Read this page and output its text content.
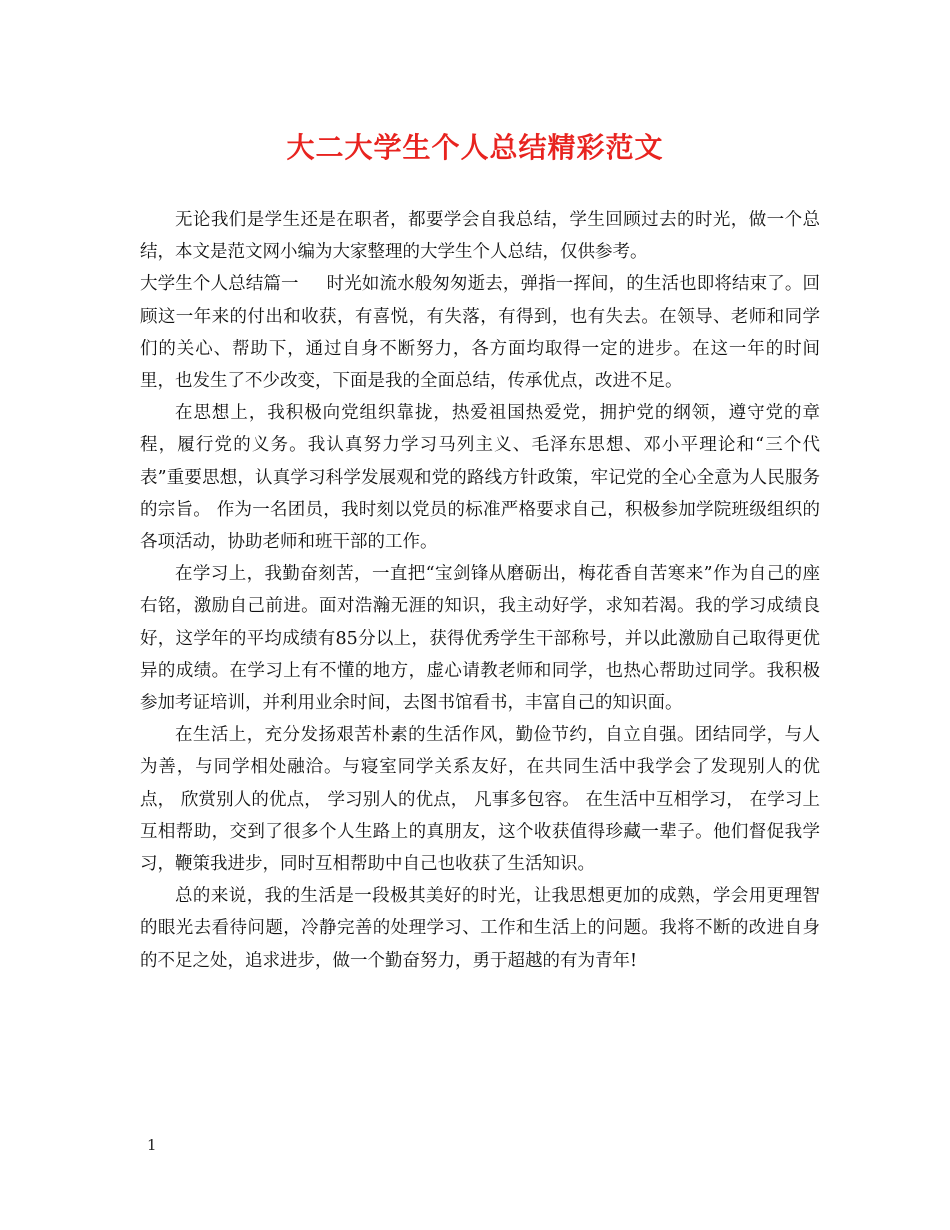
大二大学生个人总结精彩范文

无论我们是学生还是在职者，都要学会自我总结，学生回顾过去的时光，做一个总结，本文是范文网小编为大家整理的大学生个人总结，仅供参考。

大学生个人总结篇一 时光如流水般匆匆逝去，弹指一挥间，的生活也即将结束了。回顾这一年来的付出和收获，有喜悦，有失落，有得到，也有失去。在领导、老师和同学们的关心、帮助下，通过自身不断努力，各方面均取得一定的进步。在这一年的时间里，也发生了不少改变，下面是我的全面总结，传承优点，改进不足。

在思想上，我积极向党组织靠拢，热爱祖国热爱党，拥护党的纲领，遵守党的章程，履行党的义务。我认真努力学习马列主义、毛泽东思想、邓小平理论和“三个代表”重要思想，认真学习科学发展观和党的路线方针政策，牢记党的全心全意为人民服务的宗旨。 作为一名团员，我时刻以党员的标准严格要求自己，积极参加学院班级组织的各项活动，协助老师和班干部的工作。

在学习上，我勤奋刻苦，一直把“宝剑锋从磨砺出，梅花香自苦寒来”作为自己的座右铭，激励自己前进。面对浩瀚无涯的知识，我主动好学，求知若渴。我的学习成绩良好，这学年的平均成绩有85分以上，获得优秀学生干部称号，并以此激励自己取得更优异的成绩。在学习上有不懂的地方，虚心请教老师和同学，也热心帮助过同学。我积极参加考证培训，并利用业余时间，去图书馆看书，丰富自己的知识面。

在生活上，充分发扬艰苦朴素的生活作风，勤俭节约，自立自强。团结同学，与人为善，与同学相处融洽。与寝室同学关系友好，在共同生活中我学会了发现别人的优点， 欣赏别人的优点， 学习别人的优点， 凡事多包容。 在生活中互相学习， 在学习上互相帮助，交到了很多个人生路上的真朋友，这个收获值得珍藏一辈子。他们督促我学习，鞭策我进步，同时互相帮助中自己也收获了生活知识。

总的来说，我的生活是一段极其美好的时光，让我思想更加的成熟，学会用更理智的眼光去看待问题，冷静完善的处理学习、工作和生活上的问题。我将不断的改进自身的不足之处，追求进步，做一个勤奋努力，勇于超越的有为青年!

1
